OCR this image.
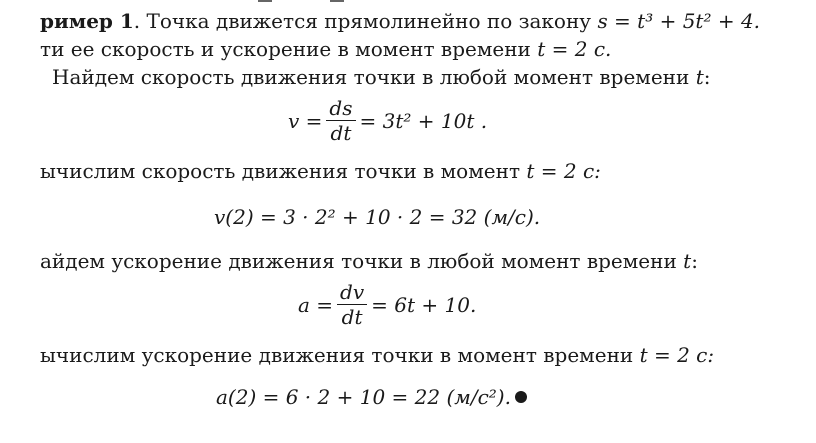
ример 1. Точка движется прямолинейно по закону s = t³ + 5t² + 4.
ти ее скорость и ускорение в момент времени t = 2 с.
Найдем скорость движения точки в любой момент времени t:
$v = \frac{ds}{dt} = 3t^2 + 10t$ .
ычислим скорость движения точки в момент t = 2 с:
v(2) = 3 · 2² + 10 · 2 = 32 (м/с).
айдем ускорение движения точки в любой момент времени t:
$a = \frac{dv}{dt} = 6t + 10$.
ычислим ускорение движения точки в момент времени t = 2 с:
a(2) = 6 · 2 + 10 = 22 (м/с²).
